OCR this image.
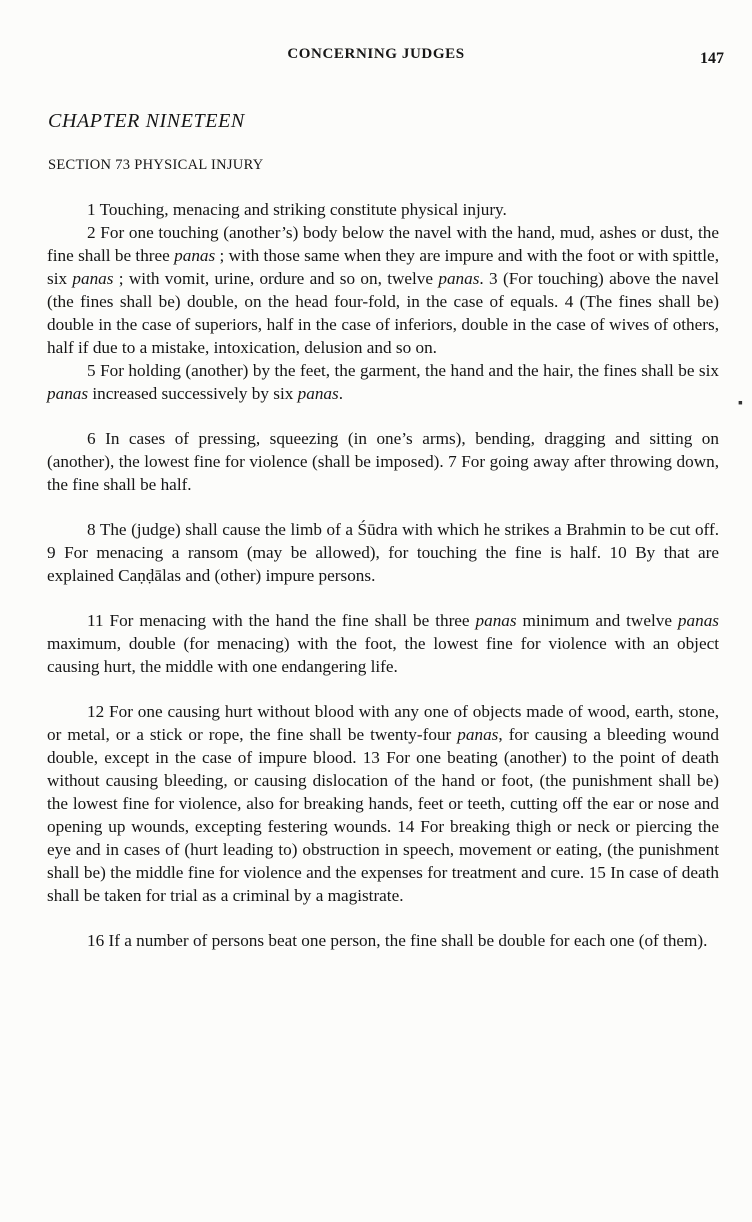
CONCERNING JUDGES	147
CHAPTER NINETEEN
SECTION 73 PHYSICAL INJURY

1 Touching, menacing and striking constitute physical injury.

2 For one touching (another’s) body below the navel with the hand, mud, ashes or dust, the fine shall be three panas ; with those same when they are impure and with the foot or with spittle, six panas ; with vomit, urine, ordure and so on, twelve panas. 3 (For touching) above the navel (the fines shall be) double, on the head four-fold, in the case of equals. 4 (The fines shall be) double in the case of superiors, half in the case of inferiors, double in the case of wives of others, half if due to a mistake, intoxication, delusion and so on.

5 For holding (another) by the feet, the garment, the hand and the hair, the fines shall be six panas increased successively by six panas.

6 In cases of pressing, squeezing (in one’s arms), bending, dragging and sitting on (another), the lowest fine for violence (shall be imposed). 7 For going away after throwing down, the fine shall be half.

8 The (judge) shall cause the limb of a Śūdra with which he strikes a Brahmin to be cut off. 9 For menacing a ransom (may be allowed), for touching the fine is half. 10 By that are explained Caṇḍālas and (other) impure persons.

11 For menacing with the hand the fine shall be three panas minimum and twelve panas maximum, double (for menacing) with the foot, the lowest fine for violence with an object causing hurt, the middle with one endangering life.

12 For one causing hurt without blood with any one of objects made of wood, earth, stone, or metal, or a stick or rope, the fine shall be twenty-four panas, for causing a bleeding wound double, except in the case of impure blood. 13 For one beating (another) to the point of death without causing bleeding, or causing dislocation of the hand or foot, (the punishment shall be) the lowest fine for violence, also for breaking hands, feet or teeth, cutting off the ear or nose and opening up wounds, excepting festering wounds. 14 For breaking thigh or neck or piercing the eye and in cases of (hurt leading to) obstruction in speech, movement or eating, (the punishment shall be) the middle fine for violence and the expenses for treatment and cure. 15 In case of death shall be taken for trial as a criminal by a magistrate.

16 If a number of persons beat one person, the fine shall be double for each one (of them).

▪
